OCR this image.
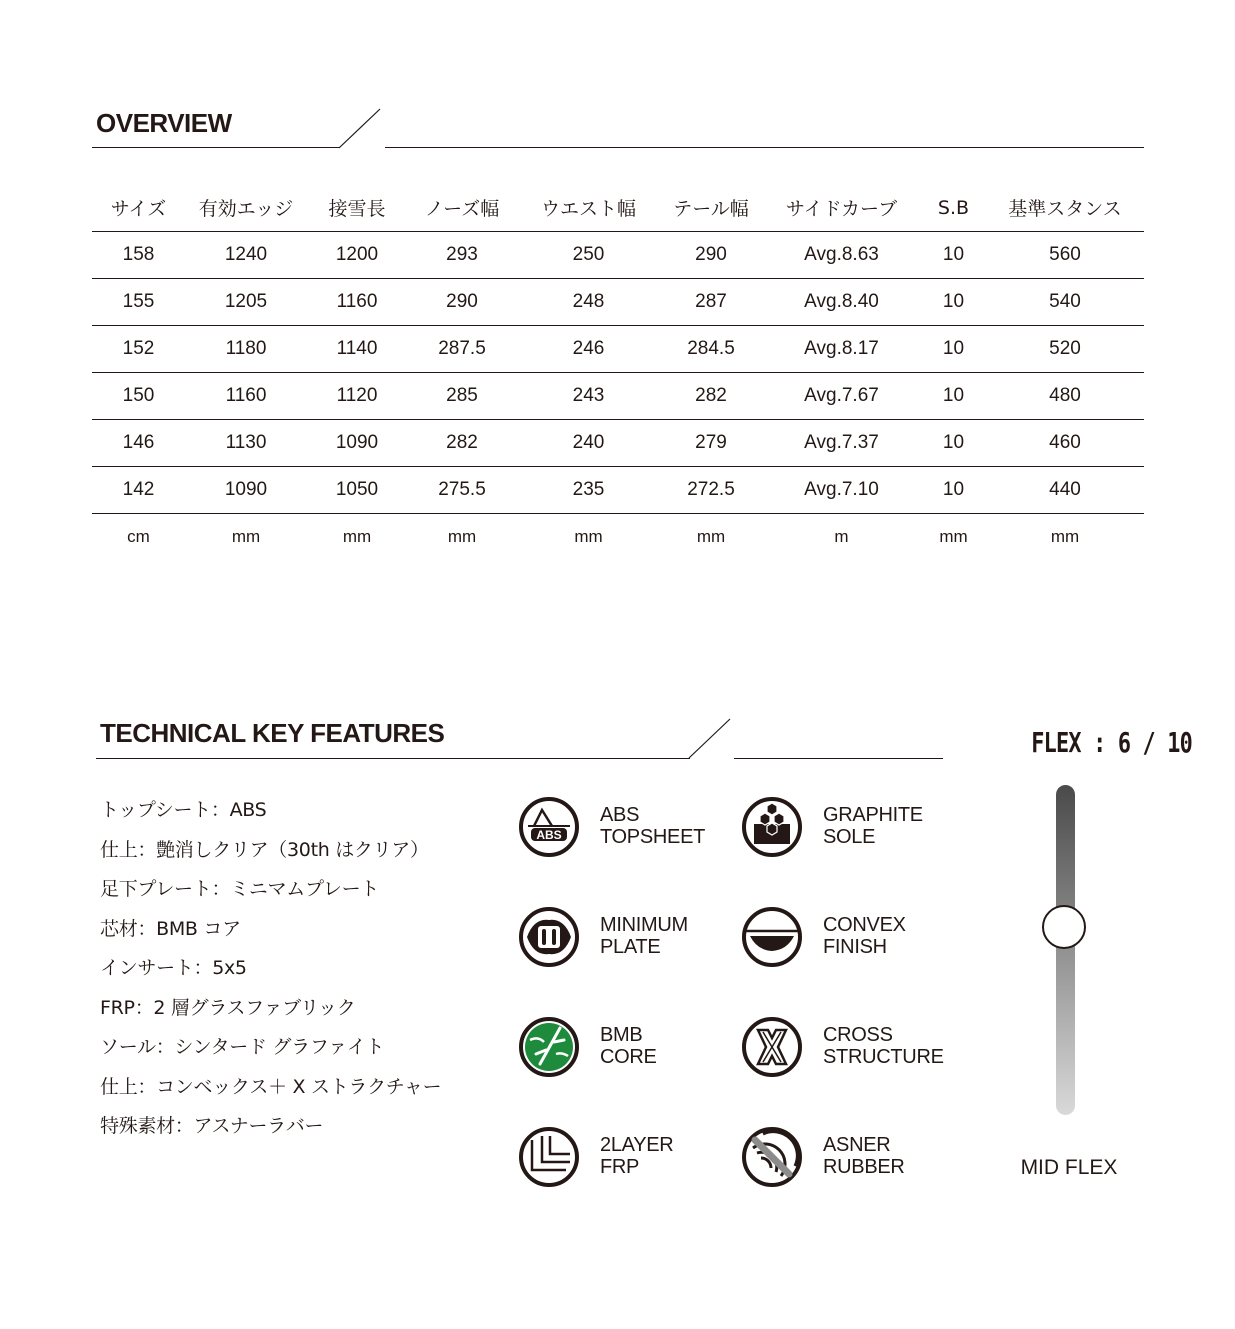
OVERVIEW
サイズ	有効エッジ	接雪長	ノーズ幅	ウエスト幅	テール幅	サイドカーブ	S.B	基準スタンス
158	1240	1200	293	250	290	Avg.8.63	10	560
155	1205	1160	290	248	287	Avg.8.40	10	540
152	1180	1140	287.5	246	284.5	Avg.8.17	10	520
150	1160	1120	285	243	282	Avg.7.67	10	480
146	1130	1090	282	240	279	Avg.7.37	10	460
142	1090	1050	275.5	235	272.5	Avg.7.10	10	440
cm	mm	mm	mm	mm	mm	m	mm	mm
TECHNICAL KEY FEATURES
トップシート：ABS
仕上：艶消しクリア（30th はクリア）
足下プレート：ミニマムプレート
芯材：BMB コア
インサート：5x5
FRP：2 層グラスファブリック
ソール：シンタード グラファイト
仕上：コンベックス＋ X ストラクチャー
特殊素材：アスナーラバー
ABS
ABS
TOPSHEET
GRAPHITE
SOLE
MINIMUM
PLATE
CONVEX
FINISH
BMB
CORE
CROSS
STRUCTURE
2LAYER
FRP
ASNER
RUBBER
FLEX : 6 / 10
MID FLEX
